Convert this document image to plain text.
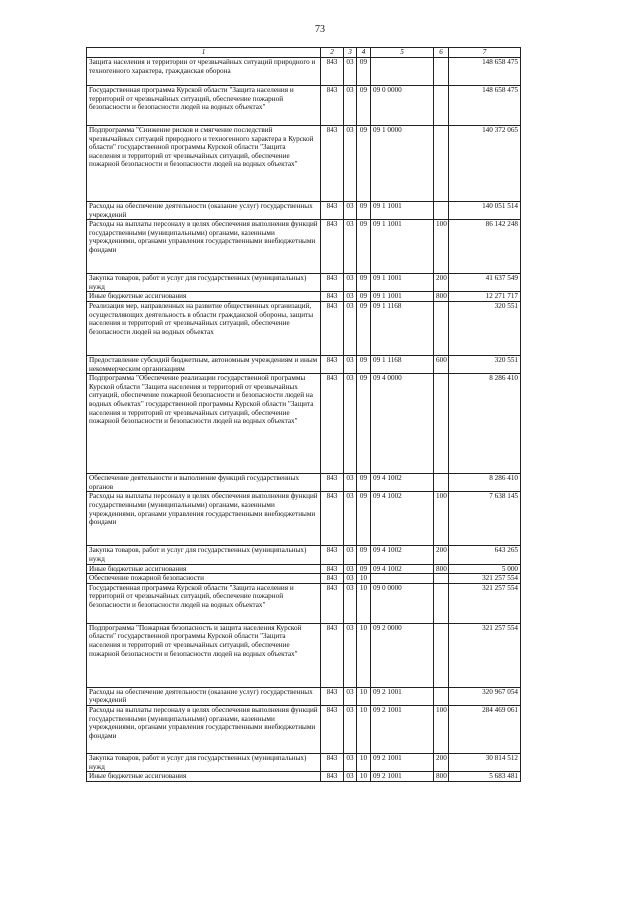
73
1	2	3	4	5	6	7
Защита населения и территории от чрезвычайных ситуаций природного и техногенного характера, гражданская оборона	843	03	09			148 658 475
Государственная программа Курской области "Защита населения и территорий от чрезвычайных ситуаций, обеспечение пожарной безопасности и безопасности людей на водных объектах"	843	03	09	09 0 0000		148 658 475
Подпрограмма "Снижение рисков и смягчение последствий чрезвычайных ситуаций природного и техногенного характера в Курской области" государственной программы Курской области "Защита населения и территорий от чрезвычайных ситуаций, обеспечение пожарной безопасности и безопасности людей на водных объектах"	843	03	09	09 1 0000		140 372 065
Расходы на обеспечение деятельности (оказание услуг) государственных учреждений	843	03	09	09 1 1001		140 051 514
Расходы на выплаты персоналу в целях обеспечения выполнения функций государственными (муниципальными) органами, казенными учреждениями, органами управления государственными внебюджетными фондами	843	03	09	09 1 1001	100	86 142 248
Закупка товаров, работ и услуг для государственных (муниципальных) нужд	843	03	09	09 1 1001	200	41 637 549
Иные бюджетные ассигнования	843	03	09	09 1 1001	800	12 271 717
Реализация мер, направленных на развитие общественных организаций, осуществляющих деятельность в области гражданской обороны, защиты населения и территорий от чрезвычайных ситуаций, обеспечение безопасности людей на водных объектах	843	03	09	09 1 1168		320 551
Предоставление субсидий бюджетным, автономным учреждениям и иным некоммерческим организациям	843	03	09	09 1 1168	600	320 551
Подпрограмма "Обеспечение реализации государственной программы Курской области "Защита населения и территорий от чрезвычайных ситуаций, обеспечение пожарной безопасности и безопасности людей на водных объектах" государственной программы Курской области "Защита населения и территорий от чрезвычайных ситуаций, обеспечение пожарной безопасности и безопасности людей на водных объектах"	843	03	09	09 4 0000		8 286 410
Обеспечение деятельности и выполнение функций государственных органов	843	03	09	09 4 1002		8 286 410
Расходы на выплаты персоналу в целях обеспечения выполнения функций государственными (муниципальными) органами, казенными учреждениями, органами управления государственными внебюджетными фондами	843	03	09	09 4 1002	100	7 638 145
Закупка товаров, работ и услуг для государственных (муниципальных) нужд	843	03	09	09 4 1002	200	643 265
Иные бюджетные ассигнования	843	03	09	09 4 1002	800	5 000
Обеспечение пожарной безопасности	843	03	10			321 257 554
Государственная программа Курской области "Защита населения и территорий от чрезвычайных ситуаций, обеспечение пожарной безопасности и безопасности людей на водных объектах"	843	03	10	09 0 0000		321 257 554
Подпрограмма "Пожарная безопасность и защита населения Курской области" государственной программы Курской области "Защита населения и территорий от чрезвычайных ситуаций, обеспечение пожарной безопасности и безопасности людей на водных объектах"	843	03	10	09 2 0000		321 257 554
Расходы на обеспечение деятельности (оказание услуг) государственных учреждений	843	03	10	09 2 1001		320 967 054
Расходы на выплаты персоналу в целях обеспечения выполнения функций государственными (муниципальными) органами, казенными учреждениями, органами управления государственными внебюджетными фондами	843	03	10	09 2 1001	100	284 469 061
Закупка товаров, работ и услуг для государственных (муниципальных) нужд	843	03	10	09 2 1001	200	30 814 512
Иные бюджетные ассигнования	843	03	10	09 2 1001	800	5 683 481
